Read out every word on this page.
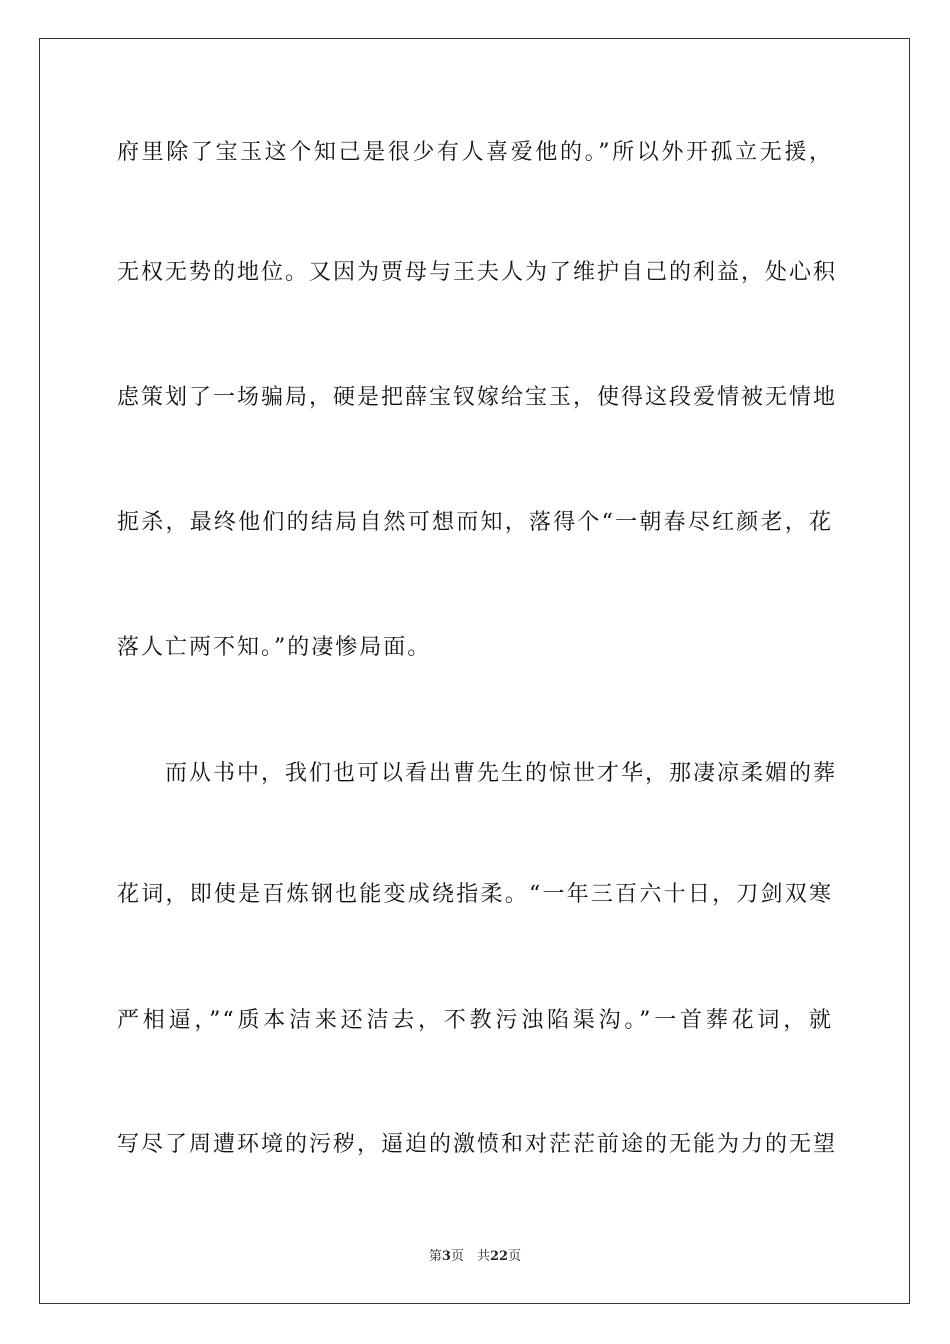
府里除了宝玉这个知己是很少有人喜爱他的。”所以外开孤立无援，
无权无势的地位。又因为贾母与王夫人为了维护自己的利益，处心积
虑策划了一场骗局，硬是把薛宝钗嫁给宝玉，使得这段爱情被无情地
扼杀，最终他们的结局自然可想而知，落得个“一朝春尽红颜老，花
落人亡两不知。”的凄惨局面。
而从书中，我们也可以看出曹先生的惊世才华，那凄凉柔媚的葬
花词，即使是百炼钢也能变成绕指柔。“一年三百六十日，刀剑双寒
严相逼，”“质本洁来还洁去，不教污浊陷渠沟。”一首葬花词，就
写尽了周遭环境的污秽，逼迫的激愤和对茫茫前途的无能为力的无望
第3页　共22页
